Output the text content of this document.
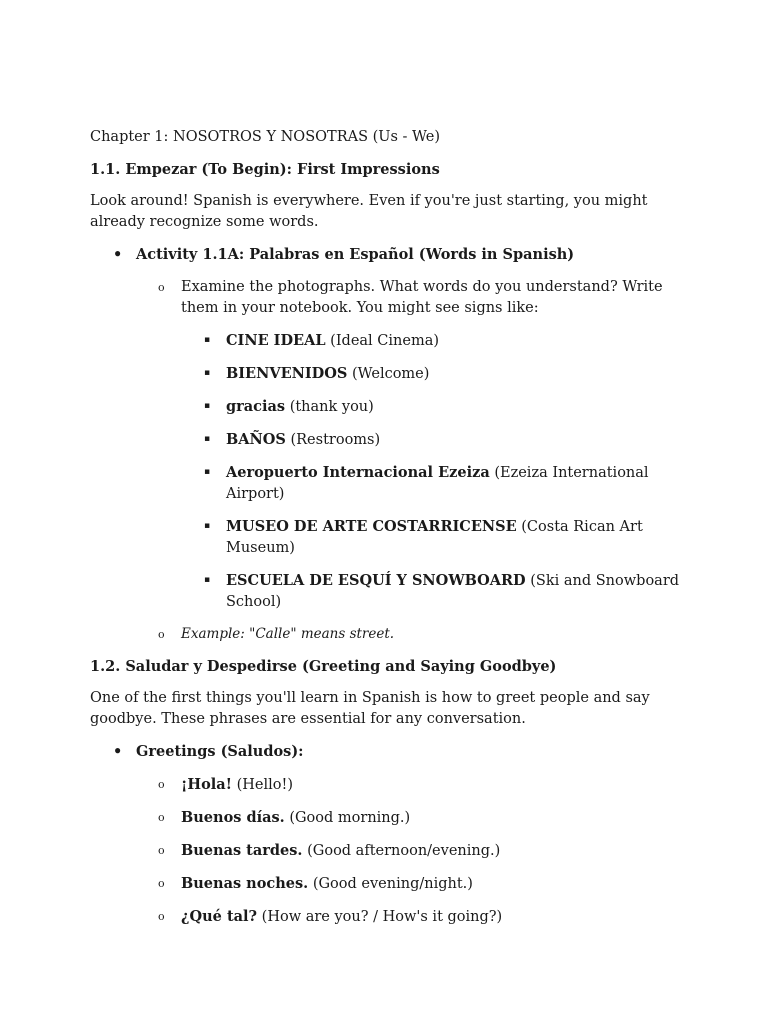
Chapter 1: NOSOTROS Y NOSOTRAS (Us - We)

1.1. Empezar (To Begin): First Impressions

Look around! Spanish is everywhere. Even if you're just starting, you might already recognize some words.

• Activity 1.1A: Palabras en Español (Words in Spanish)
o Examine the photographs. What words do you understand? Write them in your notebook. You might see signs like:
▪ CINE IDEAL (Ideal Cinema)
▪ BIENVENIDOS (Welcome)
▪ gracias (thank you)
▪ BAÑOS (Restrooms)
▪ Aeropuerto Internacional Ezeiza (Ezeiza International Airport)
▪ MUSEO DE ARTE COSTARRICENSE (Costa Rican Art Museum)
▪ ESCUELA DE ESQUÍ Y SNOWBOARD (Ski and Snowboard School)
o Example: "Calle" means street.

1.2. Saludar y Despedirse (Greeting and Saying Goodbye)

One of the first things you'll learn in Spanish is how to greet people and say goodbye. These phrases are essential for any conversation.

• Greetings (Saludos):
o ¡Hola! (Hello!)
o Buenos días. (Good morning.)
o Buenas tardes. (Good afternoon/evening.)
o Buenas noches. (Good evening/night.)
o ¿Qué tal? (How are you? / How's it going?)
